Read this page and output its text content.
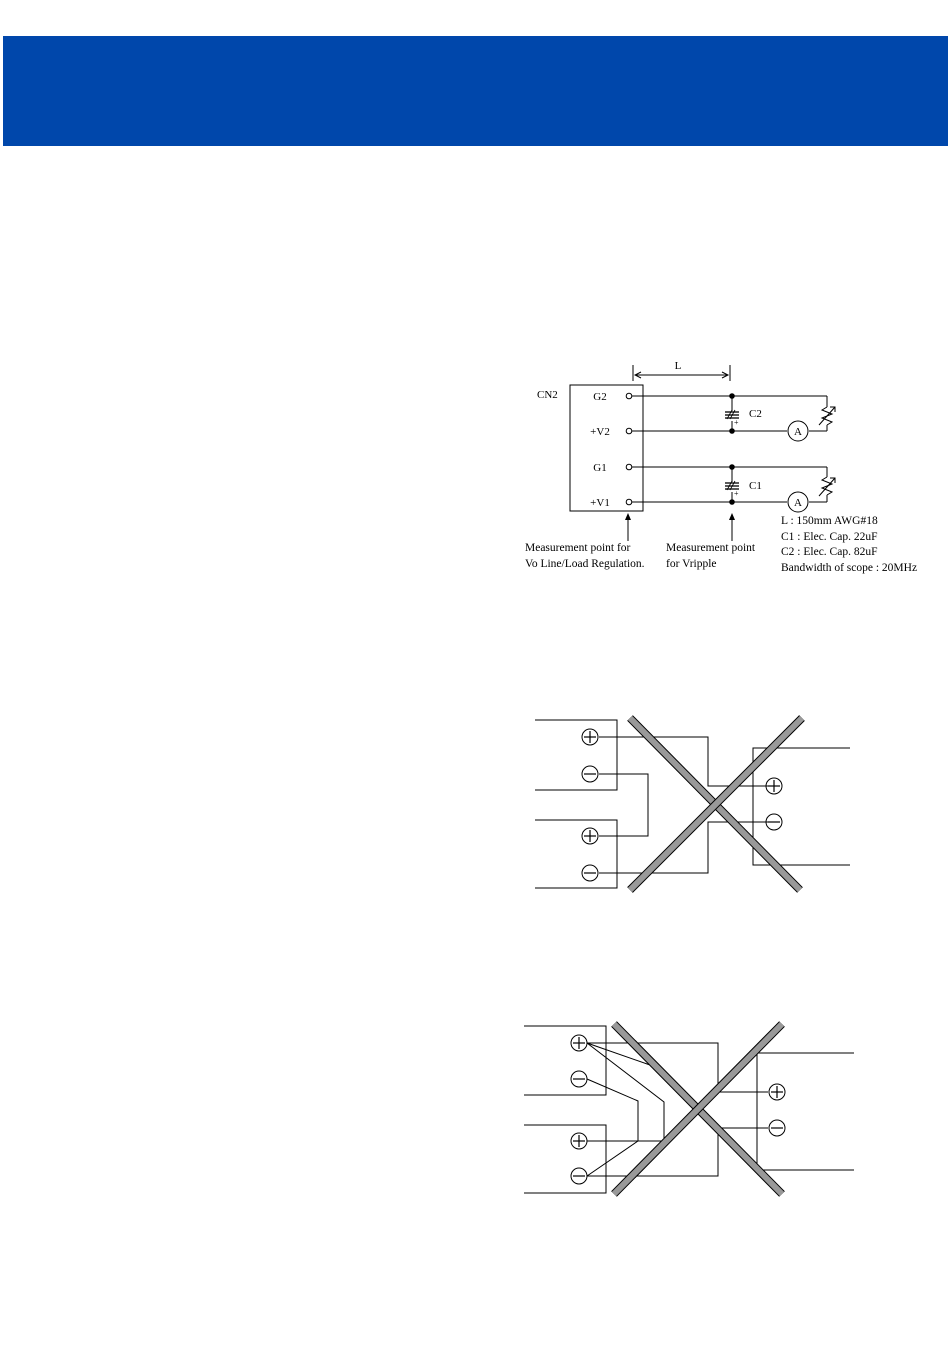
CN2	G2
+V2
G1
+V1
L
C2
C1
+
+
A
A
Measurement point for
Vo Line/Load Regulation.
Measurement point
for Vripple
L : 150mm AWG#18
C1 : Elec. Cap. 22uF
C2 : Elec. Cap. 82uF
Bandwidth of scope : 20MHz
